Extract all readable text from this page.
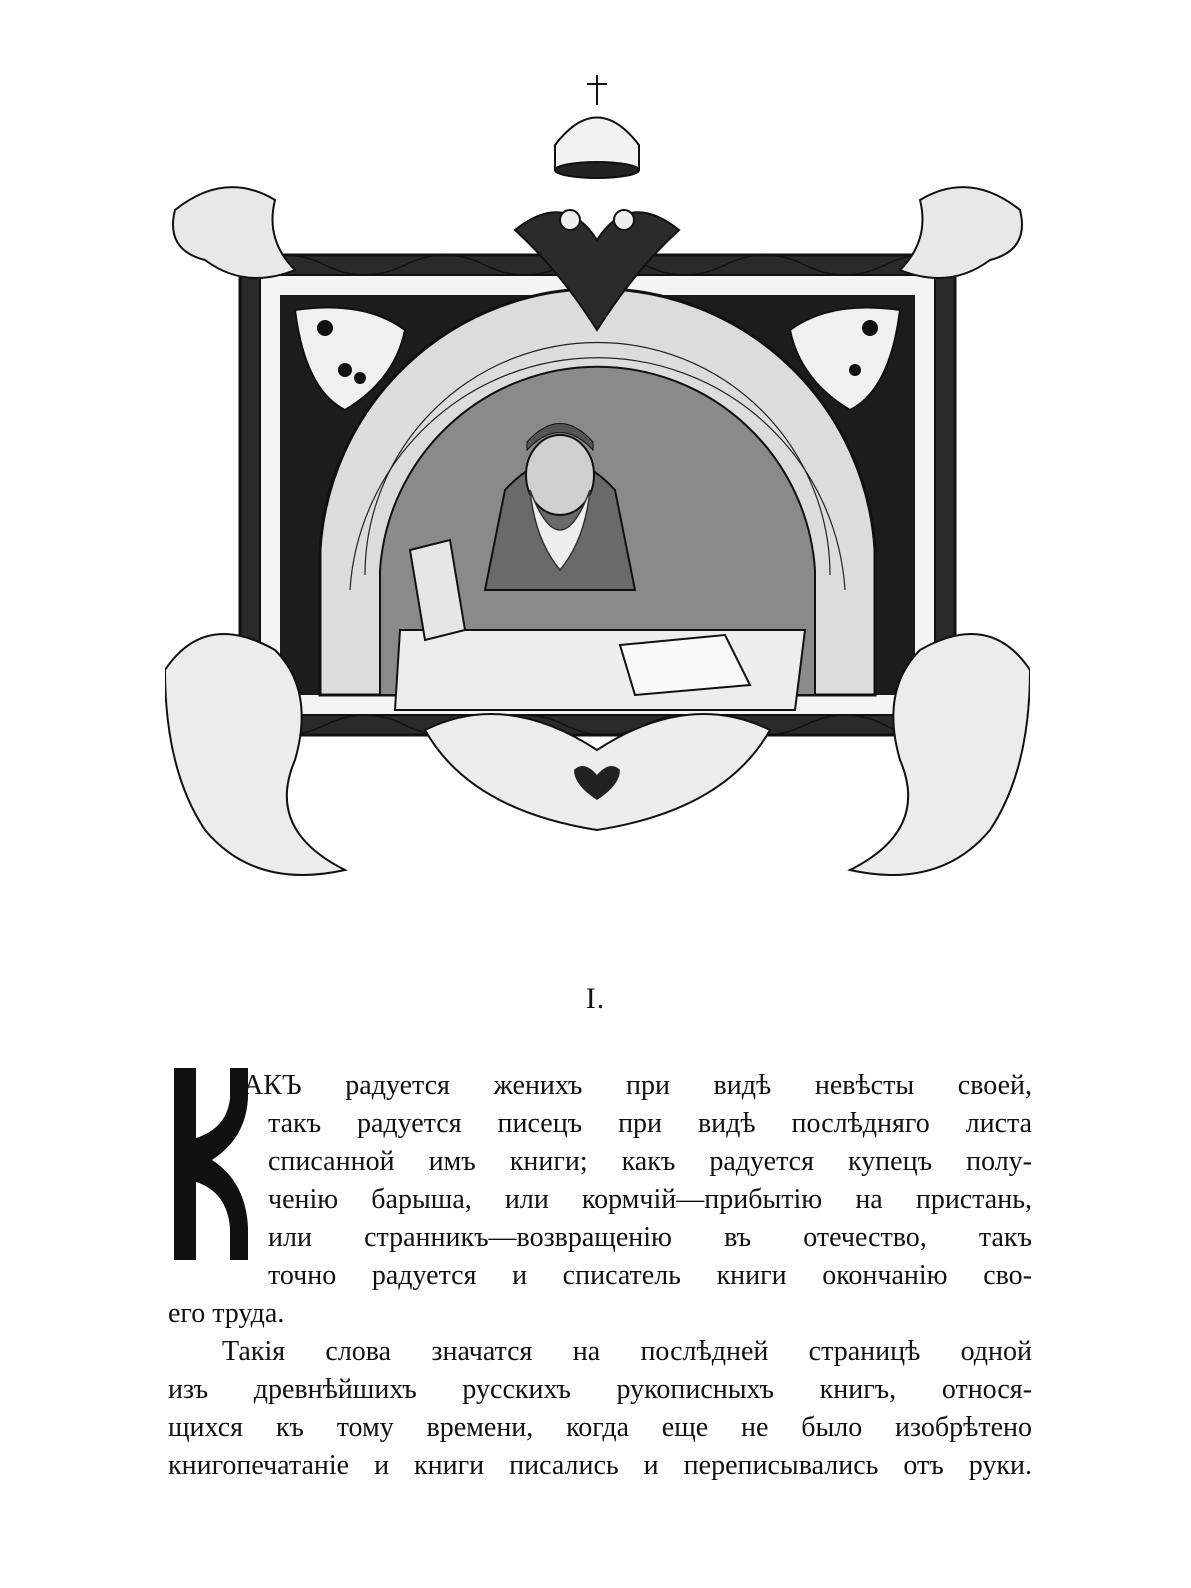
I.
К
АКЪ радуется женихъ при видѣ невѣсты своей,
такъ радуется писецъ при видѣ послѣдняго листа
списанной имъ книги; какъ радуется купецъ полу-
ченію барыша, или кормчій—прибытію на пристань,
или странникъ—возвращенію въ отечество, такъ
точно радуется и списатель книги окончанію сво-
его труда.
Такія слова значатся на послѣдней страницѣ одной
изъ древнѣйшихъ русскихъ рукописныхъ книгъ, относя-
щихся къ тому времени, когда еще не было изобрѣтено
книгопечатаніе и книги писались и переписывались отъ руки.
